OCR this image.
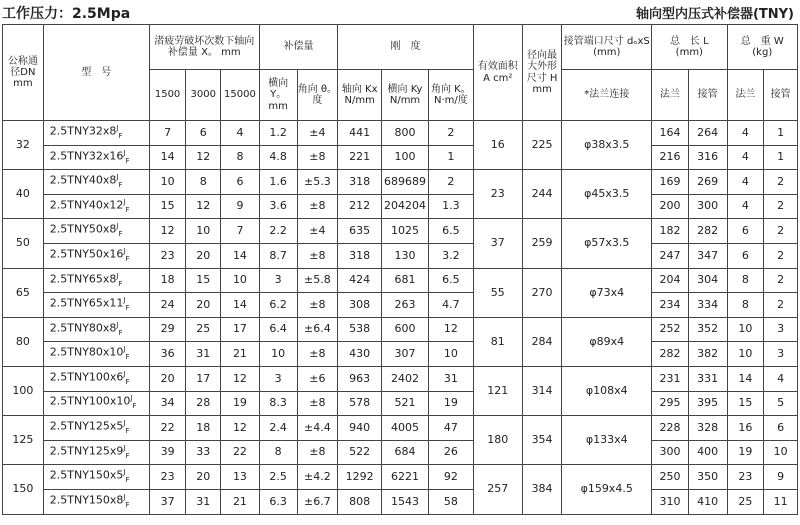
工作压力：2.5Mpa	轴向型内压式补偿器(TNY)
公称通径DN mm	型　号	渚疲劳破坏次数下轴向补偿量 X。 mm			补偿量		刚　度			有效面积 A cm²	径向最大外形尺寸 H mm	接管端口尺寸 dₒxS (mm)	总　长 L　(mm)		总　重 W　(kg)	
		1500	3000	15000	横向 Y。 mm	角向 θ。 度	轴向 Kx N/mm	横向 Ky N/mm	角向 K。 N·m/度			*法兰连接	法兰	接管	法兰	接管
32	$2.5TNY32x8^J_F$	7	6	4	1.2	±4	441	800	2	16	225	φ38x3.5	164	264	4	1
	$2.5TNY32x16^J_F$	14	12	8	4.8	±8	221	100	1				216	316	4	1
40	$2.5TNY40x8^J_F$	10	8	6	1.6	±5.3	318	689689	2	23	244	φ45x3.5	169	269	4	2
	$2.5TNY40x12^J_F$	15	12	9	3.6	±8	212	204204	1.3				200	300	4	2
50	$2.5TNY50x8^J_F$	12	10	7	2.2	±4	635	1025	6.5	37	259	φ57x3.5	182	282	6	2
	$2.5TNY50x16^J_F$	23	20	14	8.7	±8	318	130	3.2				247	347	6	2
65	$2.5TNY65x8^J_F$	18	15	10	3	±5.8	424	681	6.5	55	270	φ73x4	204	304	8	2
	$2.5TNY65x11^J_F$	24	20	14	6.2	±8	308	263	4.7				234	334	8	2
80	$2.5TNY80x8^J_F$	29	25	17	6.4	±6.4	538	600	12	81	284	φ89x4	252	352	10	3
	$2.5TNY80x10^J_F$	36	31	21	10	±8	430	307	10				282	382	10	3
100	$2.5TNY100x6^J_F$	20	17	12	3	±6	963	2402	31	121	314	φ108x4	231	331	14	4
	$2.5TNY100x10^J_F$	34	28	19	8.3	±8	578	521	19				295	395	15	5
125	$2.5TNY125x5^J_F$	22	18	12	2.4	±4.4	940	4005	47	180	354	φ133x4	228	328	16	6
	$2.5TNY125x9^J_F$	39	33	22	8	±8	522	684	26				300	400	19	10
150	$2.5TNY150x5^J_F$	23	20	13	2.5	±4.2	1292	6221	92	257	384	φ159x4.5	250	350	23	9
	$2.5TNY150x8^J_F$	37	31	21	6.3	±6.7	808	1543	58				310	410	25	11
